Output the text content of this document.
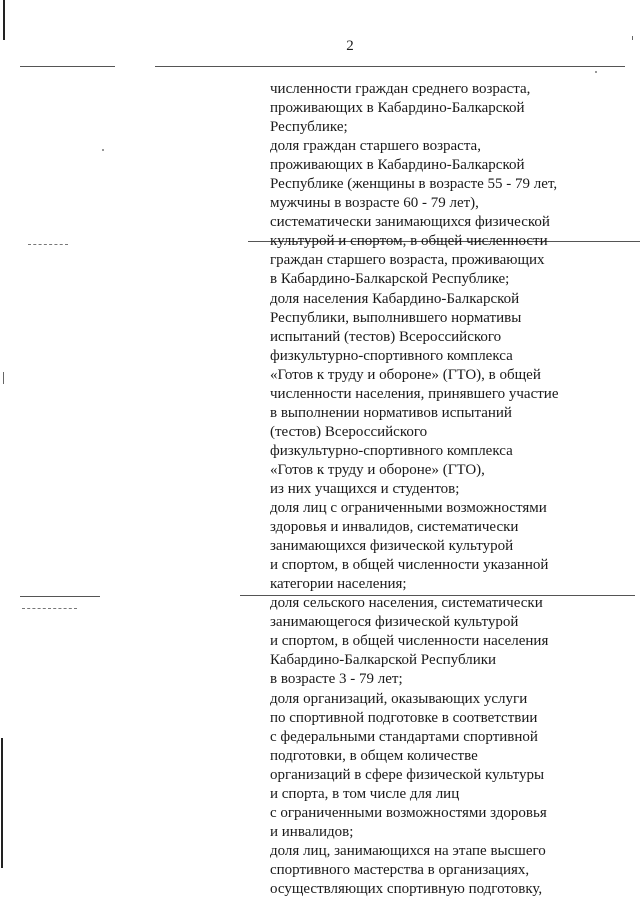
2
численности граждан среднего возраста,
проживающих в Кабардино-Балкарской
Республике;
доля граждан старшего возраста,
проживающих в Кабардино-Балкарской
Республике (женщины в возрасте 55 - 79 лет,
мужчины в возрасте 60 - 79 лет),
систематически занимающихся физической
культурой и спортом, в общей численности
граждан старшего возраста, проживающих
в Кабардино-Балкарской Республике;
доля населения Кабардино-Балкарской
Республики, выполнившего нормативы
испытаний (тестов) Всероссийского
физкультурно-спортивного комплекса
«Готов к труду и обороне» (ГТО), в общей
численности населения, принявшего участие
в выполнении нормативов испытаний
(тестов) Всероссийского
физкультурно-спортивного комплекса
«Готов к труду и обороне» (ГТО),
из них учащихся и студентов;
доля лиц с ограниченными возможностями
здоровья и инвалидов, систематически
занимающихся физической культурой
и спортом, в общей численности указанной
категории населения;
доля сельского населения, систематически
занимающегося физической культурой
и спортом, в общей численности населения
Кабардино-Балкарской Республики
в возрасте 3 - 79 лет;
доля организаций, оказывающих услуги
по спортивной подготовке в соответствии
с федеральными стандартами спортивной
подготовки, в общем количестве
организаций в сфере физической культуры
и спорта, в том числе для лиц
с ограниченными возможностями здоровья
и инвалидов;
доля лиц, занимающихся на этапе высшего
спортивного мастерства в организациях,
осуществляющих спортивную подготовку,
